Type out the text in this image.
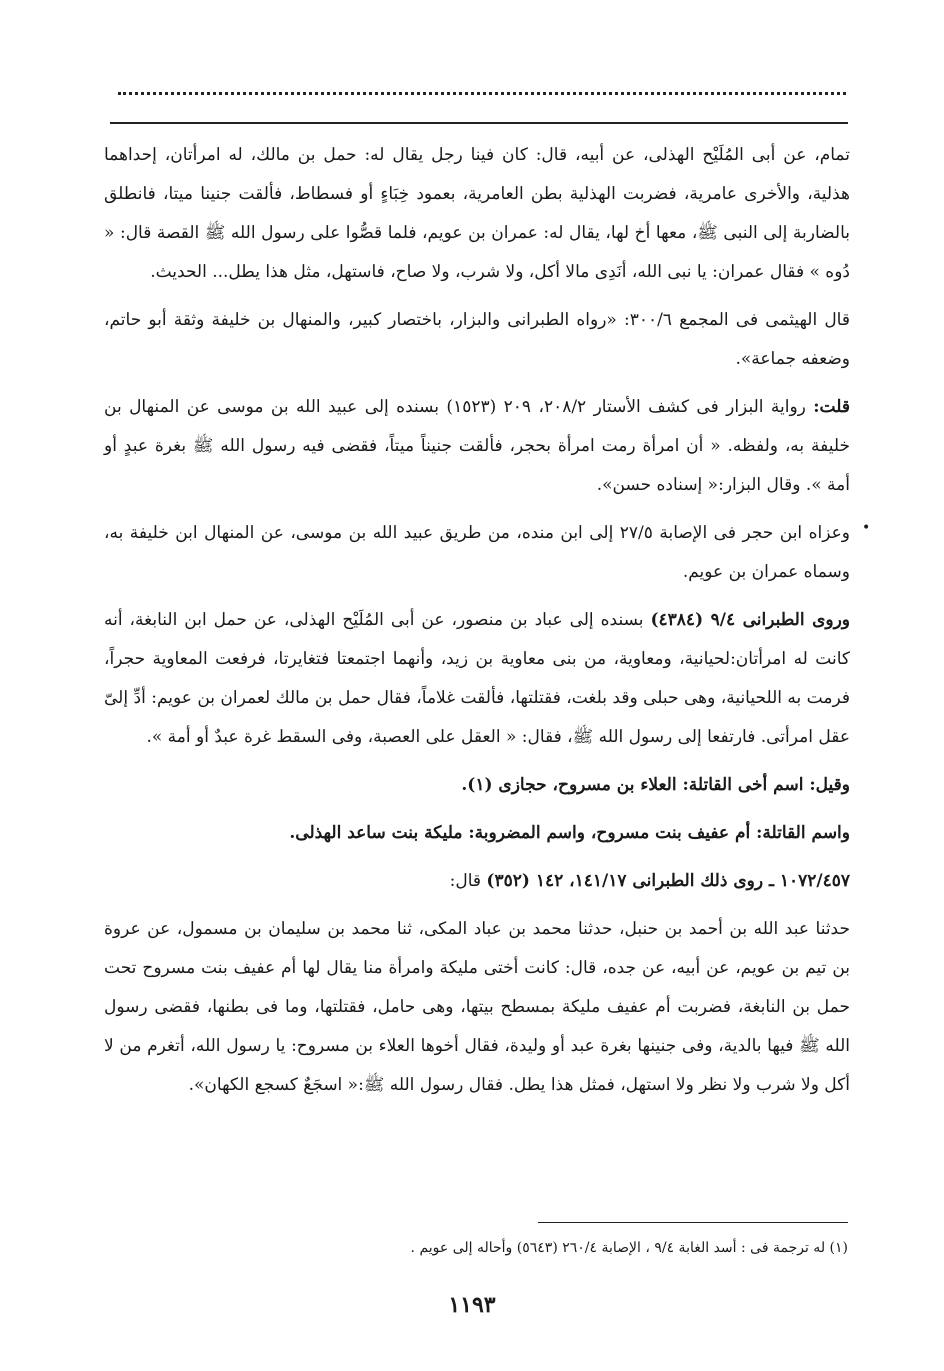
تمام، عن أبى المُلَيْح الهذلى، عن أبيه، قال: كان فينا رجل يقال له: حمل بن مالك، له امرأتان، إحداهما هذلية، والأخرى عامرية، فضربت الهذلية بطن العامرية، بعمود خِبَاءٍ أو فسطاط، فألقت جنينا ميتا، فانطلق بالضاربة إلى النبى ﷺ، معها أخ لها، يقال له: عمران بن عويم، فلما قصُّوا على رسول الله ﷺ القصة قال: « دُوه » فقال عمران: يا نبى الله، أنَدِى مالا أكل، ولا شرب، ولا صاح، فاستهل، مثل هذا يطل... الحديث.

قال الهيثمى فى المجمع ٣٠٠/٦: «رواه الطبرانى والبزار، باختصار كبير، والمنهال بن خليفة وثقة أبو حاتم، وضعفه جماعة».

قلت: رواية البزار فى كشف الأستار ٢٠٨/٢، ٢٠٩ (١٥٢٣) بسنده إلى عبيد الله بن موسى عن المنهال بن خليفة به، ولفظه. « أن امرأة رمت امرأة بحجر، فألقت جنيناً ميتاً، فقضى فيه رسول الله ﷺ بغرة عبدٍ أو أمة ». وقال البزار:« إسناده حسن».

وعزاه ابن حجر فى الإصابة ٢٧/٥ إلى ابن منده، من طريق عبيد الله بن موسى، عن المنهال ابن خليفة به، وسماه عمران بن عويم.

وروى الطبرانى ٩/٤ (٤٣٨٤) بسنده إلى عباد بن منصور، عن أبى المُلَيْح الهذلى، عن حمل ابن النابغة، أنه كانت له امرأتان:لحيانية، ومعاوية، من بنى معاوية بن زيد، وأنهما اجتمعتا فتغايرتا، فرفعت المعاوية حجراً، فرمت به اللحيانية، وهى حبلى وقد بلغت، فقتلتها، فألقت غلاماً، فقال حمل بن مالك لعمران بن عويم: أدِّ إلىّ عقل امرأتى. فارتفعا إلى رسول الله ﷺ، فقال: « العقل على العصبة، وفى السقط غرة عبدٌ أو أمة ».

وقيل: اسم أخى القاتلة: العلاء بن مسروح، حجازى (١).

واسم القاتلة: أم عفيف بنت مسروح، واسم المضروبة: مليكة بنت ساعد الهذلى.

١٠٧٢/٤٥٧ ـ روى ذلك الطبرانى ١٤١/١٧، ١٤٢ (٣٥٢) قال:

حدثنا عبد الله بن أحمد بن حنبل، حدثنا محمد بن عباد المكى، ثنا محمد بن سليمان بن مسمول، عن عروة بن تيم بن عويم، عن أبيه، عن جده، قال: كانت أختى مليكة وامرأة منا يقال لها أم عفيف بنت مسروح تحت حمل بن النابغة، فضربت أم عفيف مليكة بمسطح بيتها، وهى حامل، فقتلتها، وما فى بطنها، فقضى رسول الله ﷺ فيها بالدية، وفى جنينها بغرة عبد أو وليدة، فقال أخوها العلاء بن مسروح: يا رسول الله، أتغرم من لا أكل ولا شرب ولا نظر ولا استهل، فمثل هذا يطل. فقال رسول الله ﷺ:« اسجَعٌ كسجع الكهان».

•
(١) له ترجمة فى : أسد الغابة ٩/٤ ، الإصابة ٢٦٠/٤ (٥٦٤٣) وأحاله إلى عويم .
١١٩٣
